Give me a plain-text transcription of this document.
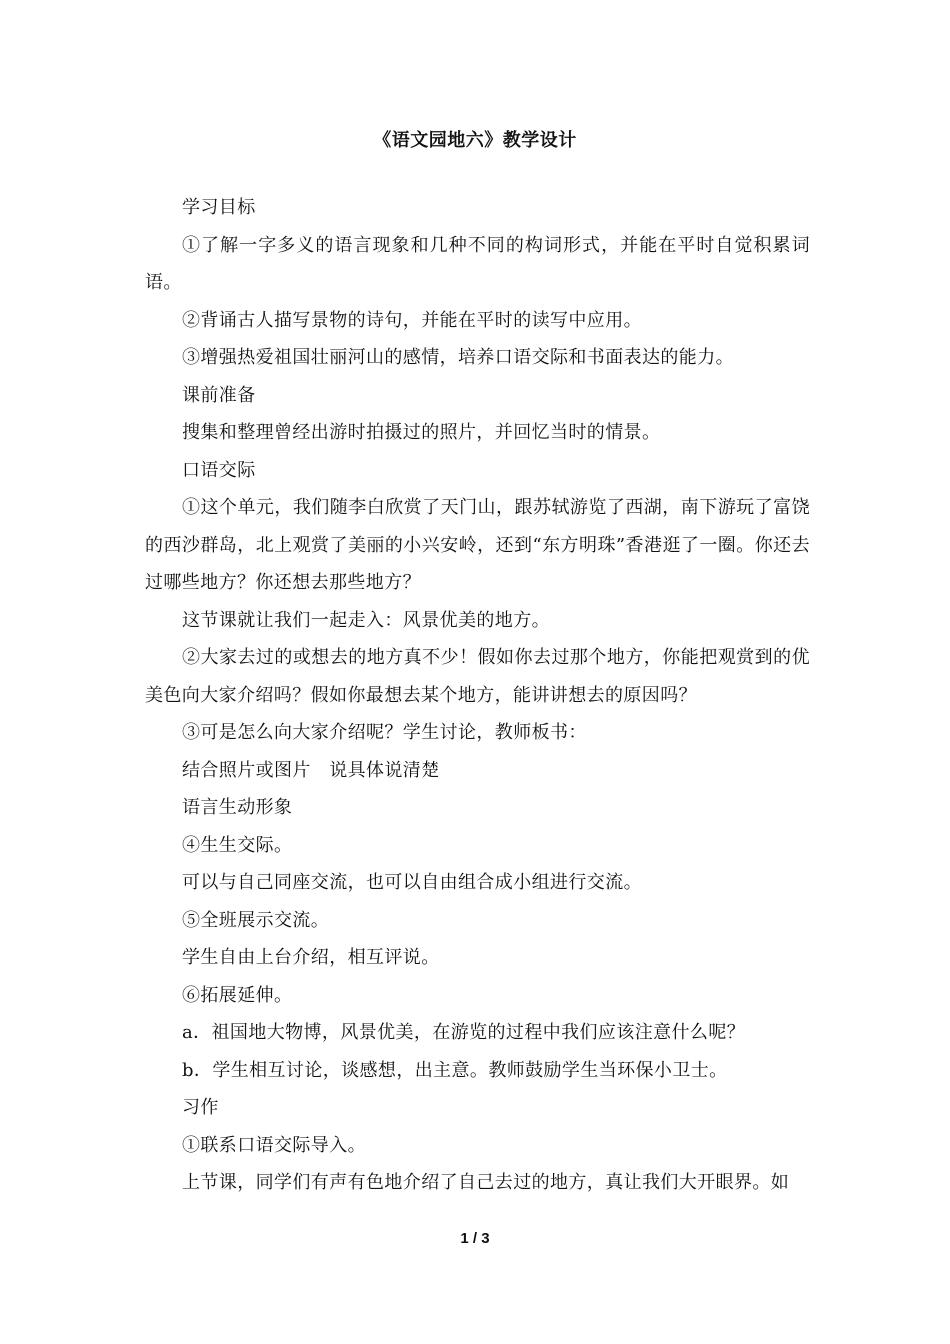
《语文园地六》教学设计

学习目标

①了解一字多义的语言现象和几种不同的构词形式，并能在平时自觉积累词语。

②背诵古人描写景物的诗句，并能在平时的读写中应用。

③增强热爱祖国壮丽河山的感情，培养口语交际和书面表达的能力。

课前准备

搜集和整理曾经出游时拍摄过的照片，并回忆当时的情景。

口语交际

①这个单元，我们随李白欣赏了天门山，跟苏轼游览了西湖，南下游玩了富饶的西沙群岛，北上观赏了美丽的小兴安岭，还到“东方明珠”香港逛了一圈。你还去过哪些地方？你还想去那些地方？

这节课就让我们一起走入：风景优美的地方。

②大家去过的或想去的地方真不少！假如你去过那个地方，你能把观赏到的优美色向大家介绍吗？假如你最想去某个地方，能讲讲想去的原因吗？

③可是怎么向大家介绍呢？学生讨论，教师板书：

结合照片或图片　说具体说清楚

语言生动形象

④生生交际。

可以与自己同座交流，也可以自由组合成小组进行交流。

⑤全班展示交流。

学生自由上台介绍，相互评说。

⑥拓展延伸。

a．祖国地大物博，风景优美，在游览的过程中我们应该注意什么呢？

b．学生相互讨论，谈感想，出主意。教师鼓励学生当环保小卫士。

习作

①联系口语交际导入。

上节课，同学们有声有色地介绍了自己去过的地方，真让我们大开眼界。如

1 / 3
